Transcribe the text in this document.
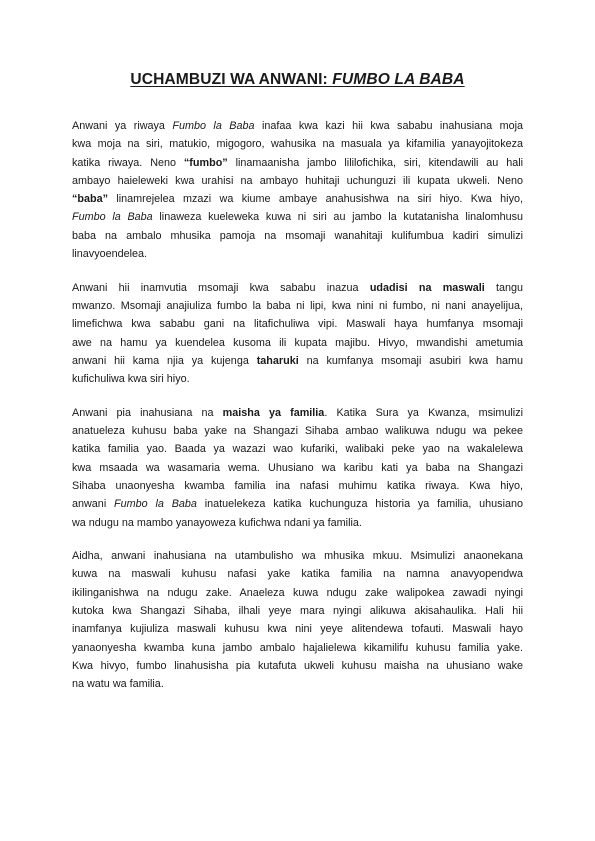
UCHAMBUZI WA ANWANI: FUMBO LA BABA

Anwani ya riwaya Fumbo la Baba inafaa kwa kazi hii kwa sababu inahusiana moja
kwa moja na siri, matukio, migogoro, wahusika na masuala ya kifamilia yanayojitokeza
katika riwaya. Neno “fumbo” linamaanisha jambo lililofichika, siri, kitendawili au hali
ambayo haieleweki kwa urahisi na ambayo huhitaji uchunguzi ili kupata ukweli. Neno
“baba” linamrejelea mzazi wa kiume ambaye anahusishwa na siri hiyo. Kwa hiyo,
Fumbo la Baba linaweza kueleweka kuwa ni siri au jambo la kutatanisha linalomhusu
baba na ambalo mhusika pamoja na msomaji wanahitaji kulifumbua kadiri simulizi
linavyoendelea.

Anwani hii inamvutia msomaji kwa sababu inazua udadisi na maswali tangu
mwanzo. Msomaji anajiuliza fumbo la baba ni lipi, kwa nini ni fumbo, ni nani anayelijua,
limefichwa kwa sababu gani na litafichuliwa vipi. Maswali haya humfanya msomaji
awe na hamu ya kuendelea kusoma ili kupata majibu. Hivyo, mwandishi ametumia
anwani hii kama njia ya kujenga taharuki na kumfanya msomaji asubiri kwa hamu
kufichuliwa kwa siri hiyo.

Anwani pia inahusiana na maisha ya familia. Katika Sura ya Kwanza, msimulizi
anatueleza kuhusu baba yake na Shangazi Sihaba ambao walikuwa ndugu wa pekee
katika familia yao. Baada ya wazazi wao kufariki, walibaki peke yao na wakalelewa
kwa msaada wa wasamaria wema. Uhusiano wa karibu kati ya baba na Shangazi
Sihaba unaonyesha kwamba familia ina nafasi muhimu katika riwaya. Kwa hiyo,
anwani Fumbo la Baba inatuelekeza katika kuchunguza historia ya familia, uhusiano
wa ndugu na mambo yanayoweza kufichwa ndani ya familia.

Aidha, anwani inahusiana na utambulisho wa mhusika mkuu. Msimulizi anaonekana
kuwa na maswali kuhusu nafasi yake katika familia na namna anavyopendwa
ikilinganishwa na ndugu zake. Anaeleza kuwa ndugu zake walipokea zawadi nyingi
kutoka kwa Shangazi Sihaba, ilhali yeye mara nyingi alikuwa akisahaulika. Hali hii
inamfanya kujiuliza maswali kuhusu kwa nini yeye alitendewa tofauti. Maswali hayo
yanaonyesha kwamba kuna jambo ambalo hajalielewa kikamilifu kuhusu familia yake.
Kwa hivyo, fumbo linahusisha pia kutafuta ukweli kuhusu maisha na uhusiano wake
na watu wa familia.
